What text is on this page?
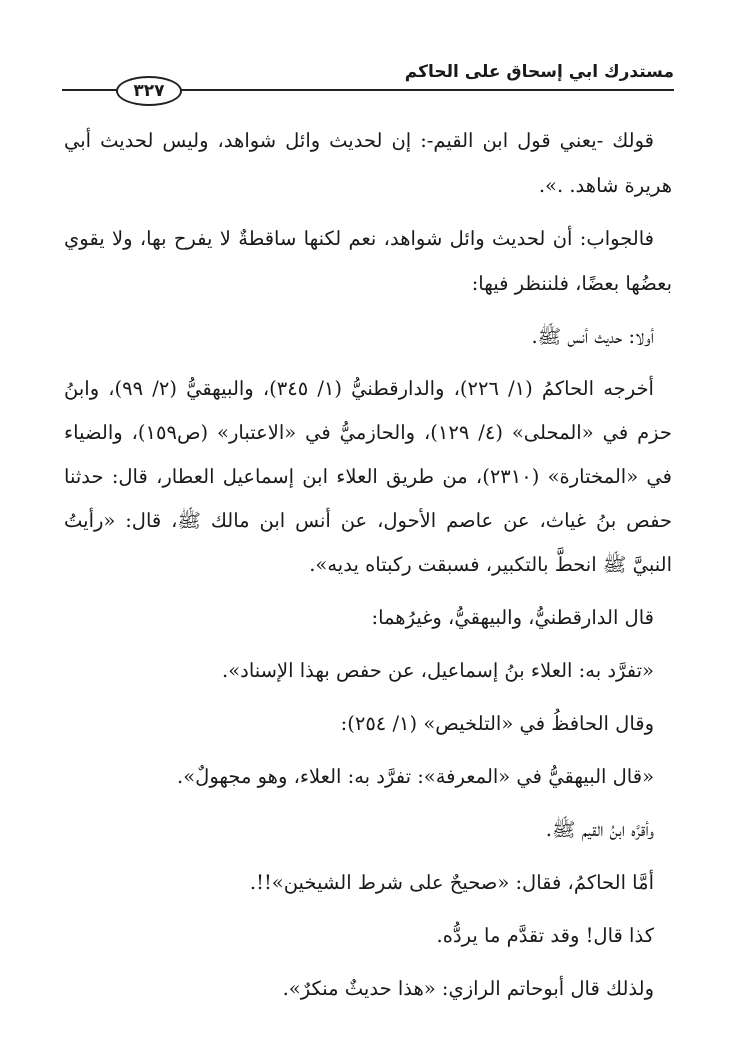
مستدرك ابي إسحاق على الحاكم
٣٢٧

قولك -يعني قول ابن القيم-: إن لحديث وائل شواهد، وليس لحديث أبي هريرة شاهد. .».

فالجواب: أن لحديث وائل شواهد، نعم لكنها ساقطةٌ لا يفرح بها، ولا يقوي بعضُها بعضًا، فلننظر فيها:

أولا: حديث أنس ﷺ.

أخرجه الحاكمُ (١/ ٢٢٦)، والدارقطنيُّ (١/ ٣٤٥)، والبيهقيُّ (٢/ ٩٩)، وابنُ حزم في «المحلى» (٤/ ١٢٩)، والحازميُّ في «الاعتبار» (ص١٥٩)، والضياء في «المختارة» (٢٣١٠)، من طريق العلاء ابن إسماعيل العطار، قال: حدثنا حفص بنُ غياث، عن عاصم الأحول، عن أنس ابن مالك ﷺ، قال: «رأيتُ النبيَّ ﷺ انحطَّ بالتكبير، فسبقت ركبتاه يديه».

قال الدارقطنيُّ، والبيهقيُّ، وغيرُهما:

«تفرَّد به: العلاء بنُ إسماعيل، عن حفص بهذا الإسناد».

وقال الحافظُ في «التلخيص» (١/ ٢٥٤):

«قال البيهقيُّ في «المعرفة»: تفرَّد به: العلاء، وهو مجهولٌ».

وأقرَّه ابنُ القيم ﷺ.

أمَّا الحاكمُ، فقال: «صحيحٌ على شرط الشيخين»!!.

كذا قال! وقد تقدَّم ما يردُّه.

ولذلك قال أبوحاتم الرازي: «هذا حديثٌ منكرٌ».
